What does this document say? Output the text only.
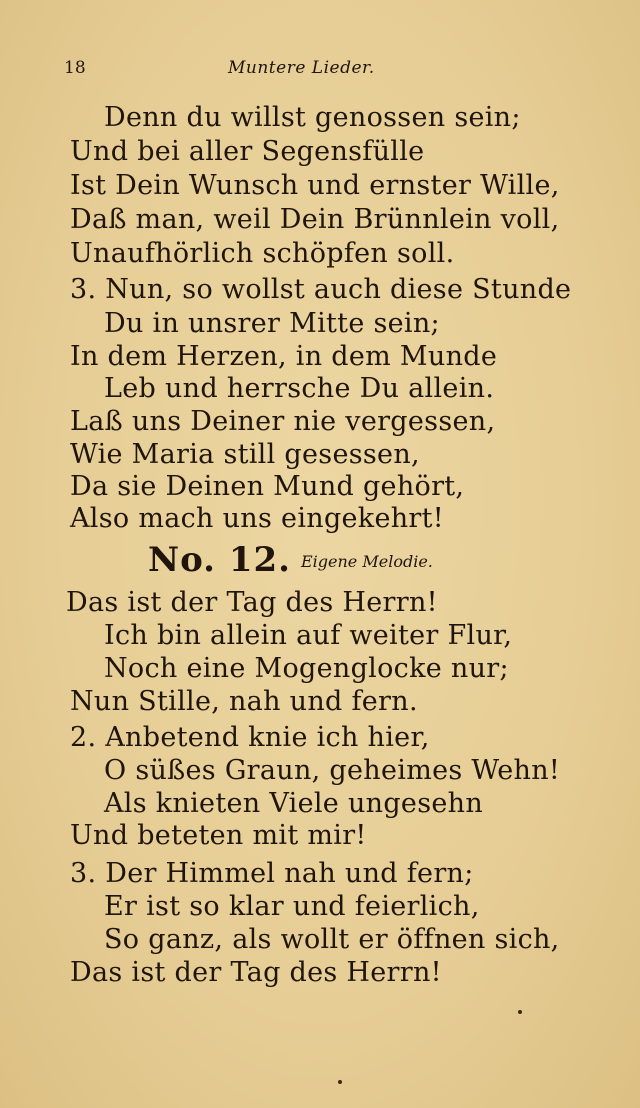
18	Muntere Lieder.
Denn du willst genossen sein;
Und bei aller Segensfülle
Ist Dein Wunsch und ernster Wille,
Daß man, weil Dein Brünnlein voll,
Unaufhörlich schöpfen soll.
3. Nun, so wollst auch diese Stunde
Du in unsrer Mitte sein;
In dem Herzen, in dem Munde
Leb und herrsche Du allein.
Laß uns Deiner nie vergessen,
Wie Maria still gesessen,
Da sie Deinen Mund gehört,
Also mach uns eingekehrt!
No. 12. Eigene Melodie.
Das ist der Tag des Herrn!
Ich bin allein auf weiter Flur,
Noch eine Mogenglocke nur;
Nun Stille, nah und fern.
2. Anbetend knie ich hier,
O süßes Graun, geheimes Wehn!
Als knieten Viele ungesehn
Und beteten mit mir!
3. Der Himmel nah und fern;
Er ist so klar und feierlich,
So ganz, als wollt er öffnen sich,
Das ist der Tag des Herrn!
